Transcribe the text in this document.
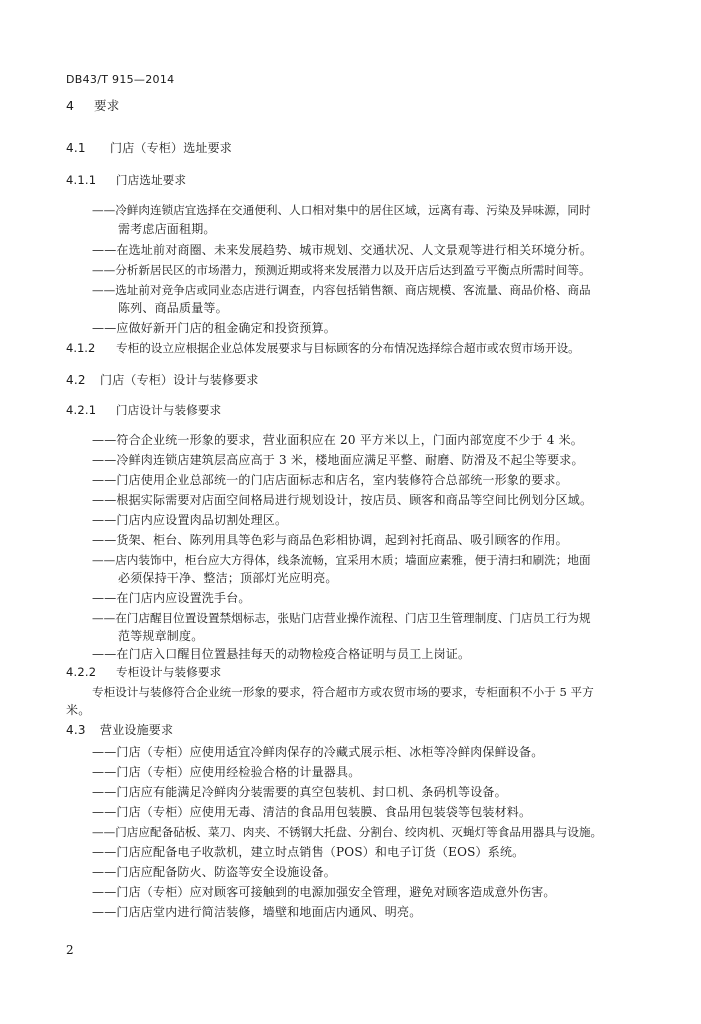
DB43/T 915—2014
4 要求
4.1 门店（专柜）选址要求
4.1.1 门店选址要求
——冷鲜肉连锁店宜选择在交通便利、人口相对集中的居住区域，远离有毒、污染及异味源，同时
需考虑店面租期。
——在选址前对商圈、未来发展趋势、城市规划、交通状况、人文景观等进行相关环境分析。
——分析新居民区的市场潜力，预测近期或将来发展潜力以及开店后达到盈亏平衡点所需时间等。
——选址前对竞争店或同业态店进行调查，内容包括销售额、商店规模、客流量、商品价格、商品
陈列、商品质量等。
——应做好新开门店的租金确定和投资预算。
4.1.2 专柜的设立应根据企业总体发展要求与目标顾客的分布情况选择综合超市或农贸市场开设。
4.2 门店（专柜）设计与装修要求
4.2.1 门店设计与装修要求
——符合企业统一形象的要求，营业面积应在 20 平方米以上，门面内部宽度不少于 4 米。
——冷鲜肉连锁店建筑层高应高于 3 米，楼地面应满足平整、耐磨、防滑及不起尘等要求。
——门店使用企业总部统一的门店店面标志和店名，室内装修符合总部统一形象的要求。
——根据实际需要对店面空间格局进行规划设计，按店员、顾客和商品等空间比例划分区域。
——门店内应设置肉品切割处理区。
——货架、柜台、陈列用具等色彩与商品色彩相协调，起到衬托商品、吸引顾客的作用。
——店内装饰中，柜台应大方得体，线条流畅，宜采用木质；墙面应素雅，便于清扫和刷洗；地面
必须保持干净、整洁；顶部灯光应明亮。
——在门店内应设置洗手台。
——在门店醒目位置设置禁烟标志，张贴门店营业操作流程、门店卫生管理制度、门店员工行为规
范等规章制度。
——在门店入口醒目位置悬挂每天的动物检疫合格证明与员工上岗证。
4.2.2 专柜设计与装修要求
专柜设计与装修符合企业统一形象的要求，符合超市方或农贸市场的要求，专柜面积不小于 5 平方
米。
4.3 营业设施要求
——门店（专柜）应使用适宜冷鲜肉保存的冷藏式展示柜、冰柜等冷鲜肉保鲜设备。
——门店（专柜）应使用经检验合格的计量器具。
——门店应有能满足冷鲜肉分装需要的真空包装机、封口机、条码机等设备。
——门店（专柜）应使用无毒、清洁的食品用包装膜、食品用包装袋等包装材料。
——门店应配备砧板、菜刀、肉夹、不锈钢大托盘、分割台、绞肉机、灭蝇灯等食品用器具与设施。
——门店应配备电子收款机，建立时点销售（POS）和电子订货（EOS）系统。
——门店应配备防火、防盗等安全设施设备。
——门店（专柜）应对顾客可接触到的电源加强安全管理，避免对顾客造成意外伤害。
——门店店堂内进行简洁装修，墙壁和地面店内通风、明亮。
2
